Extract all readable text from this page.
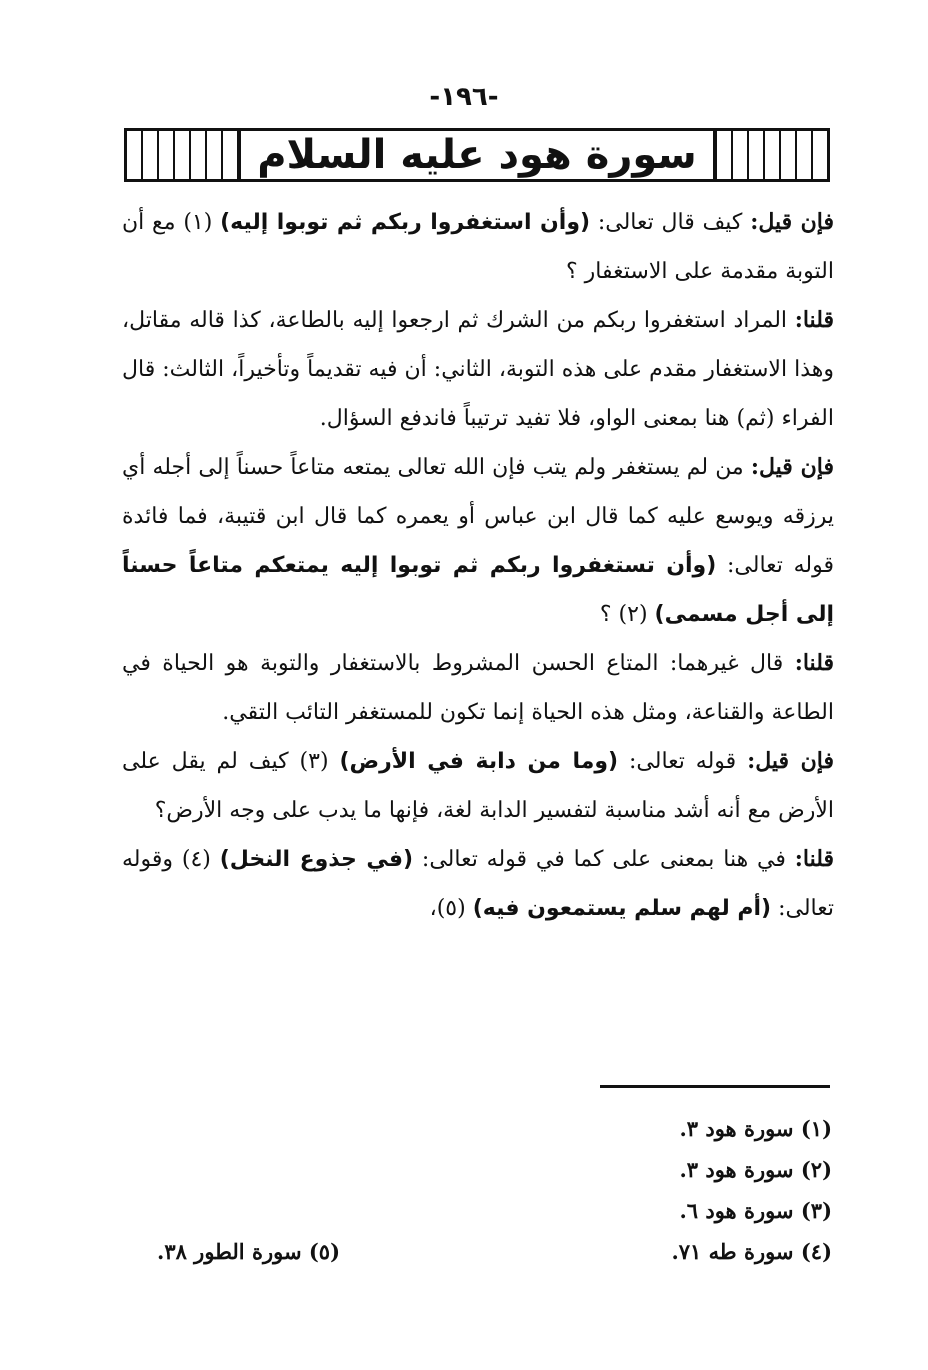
-١٩٦-
سورة هود عليه السلام

فإن قيل: كيف قال تعالى: (وأن استغفروا ربكم ثم توبوا إليه) (١) مع أن التوبة مقدمة على الاستغفار ؟

قلنا: المراد استغفروا ربكم من الشرك ثم ارجعوا إليه بالطاعة، كذا قاله مقاتل، وهذا الاستغفار مقدم على هذه التوبة، الثاني: أن فيه تقديماً وتأخيراً، الثالث: قال الفراء (ثم) هنا بمعنى الواو، فلا تفيد ترتيباً فاندفع السؤال.

فإن قيل: من لم يستغفر ولم يتب فإن الله تعالى يمتعه متاعاً حسناً إلى أجله أي يرزقه ويوسع عليه كما قال ابن عباس أو يعمره كما قال ابن قتيبة، فما فائدة قوله تعالى: (وأن تستغفروا ربكم ثم توبوا إليه يمتعكم متاعاً حسناً إلى أجل مسمى) (٢) ؟

قلنا: قال غيرهما: المتاع الحسن المشروط بالاستغفار والتوبة هو الحياة في الطاعة والقناعة، ومثل هذه الحياة إنما تكون للمستغفر التائب التقي.

فإن قيل: قوله تعالى: (وما من دابة في الأرض) (٣) كيف لم يقل على الأرض مع أنه أشد مناسبة لتفسير الدابة لغة، فإنها ما يدب على وجه الأرض؟

قلنا: في هنا بمعنى على كما في قوله تعالى: (في جذوع النخل) (٤) وقوله تعالى: (أم لهم سلم يستمعون فيه) (٥)،

(١) سورة هود ٣.
(٢) سورة هود ٣.
(٣) سورة هود ٦.
(٤) سورة طه ٧١.
(٥) سورة الطور ٣٨.
